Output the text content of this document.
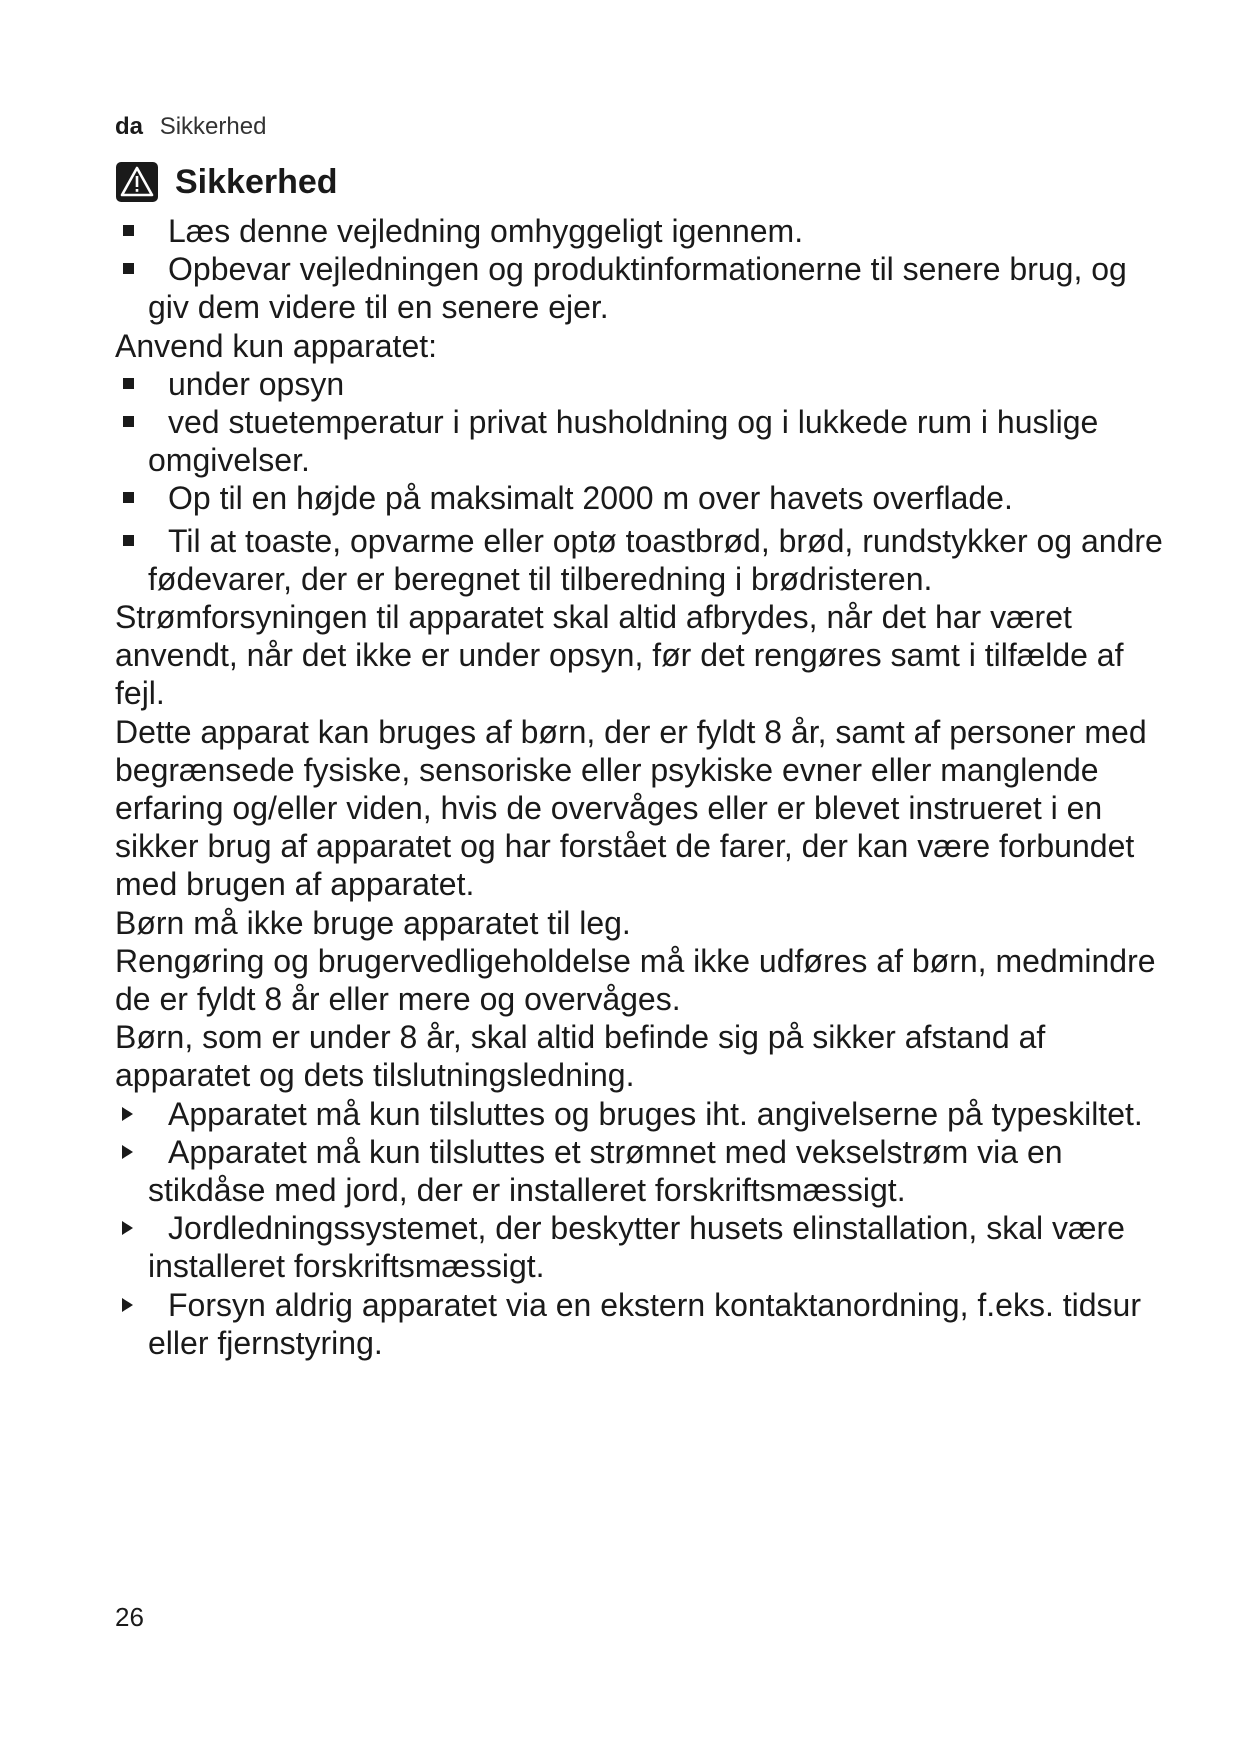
da Sikkerhed
Sikkerhed
Læs denne vejledning omhyggeligt igennem.
Opbevar vejledningen og produktinformationerne til senere brug, og giv dem videre til en senere ejer.

Anvend kun apparatet:

under opsyn
ved stuetemperatur i privat husholdning og i lukkede rum i huslige omgivelser.
Op til en højde på maksimalt 2000 m over havets overflade.
Til at toaste, opvarme eller optø toastbrød, brød, rundstykker og andre fødevarer, der er beregnet til tilberedning i brødristeren.

Strømforsyningen til apparatet skal altid afbrydes, når det har været anvendt, når det ikke er under opsyn, før det rengøres samt i tilfælde af fejl.

Dette apparat kan bruges af børn, der er fyldt 8 år, samt af personer med begrænsede fysiske, sensoriske eller psykiske evner eller manglende erfaring og/eller viden, hvis de overvåges eller er blevet instrueret i en sikker brug af apparatet og har forstået de farer, der kan være forbundet med brugen af apparatet.

Børn må ikke bruge apparatet til leg.

Rengøring og brugervedligeholdelse må ikke udføres af børn, medmindre de er fyldt 8 år eller mere og overvåges.

Børn, som er under 8 år, skal altid befinde sig på sikker afstand af apparatet og dets tilslutningsledning.

Apparatet må kun tilsluttes og bruges iht. angivelserne på typeskiltet.
Apparatet må kun tilsluttes et strømnet med vekselstrøm via en stikdåse med jord, der er installeret forskriftsmæssigt.
Jordledningssystemet, der beskytter husets elinstallation, skal være installeret forskriftsmæssigt.
Forsyn aldrig apparatet via en ekstern kontaktanordning, f.eks. tidsur eller fjernstyring.
26
